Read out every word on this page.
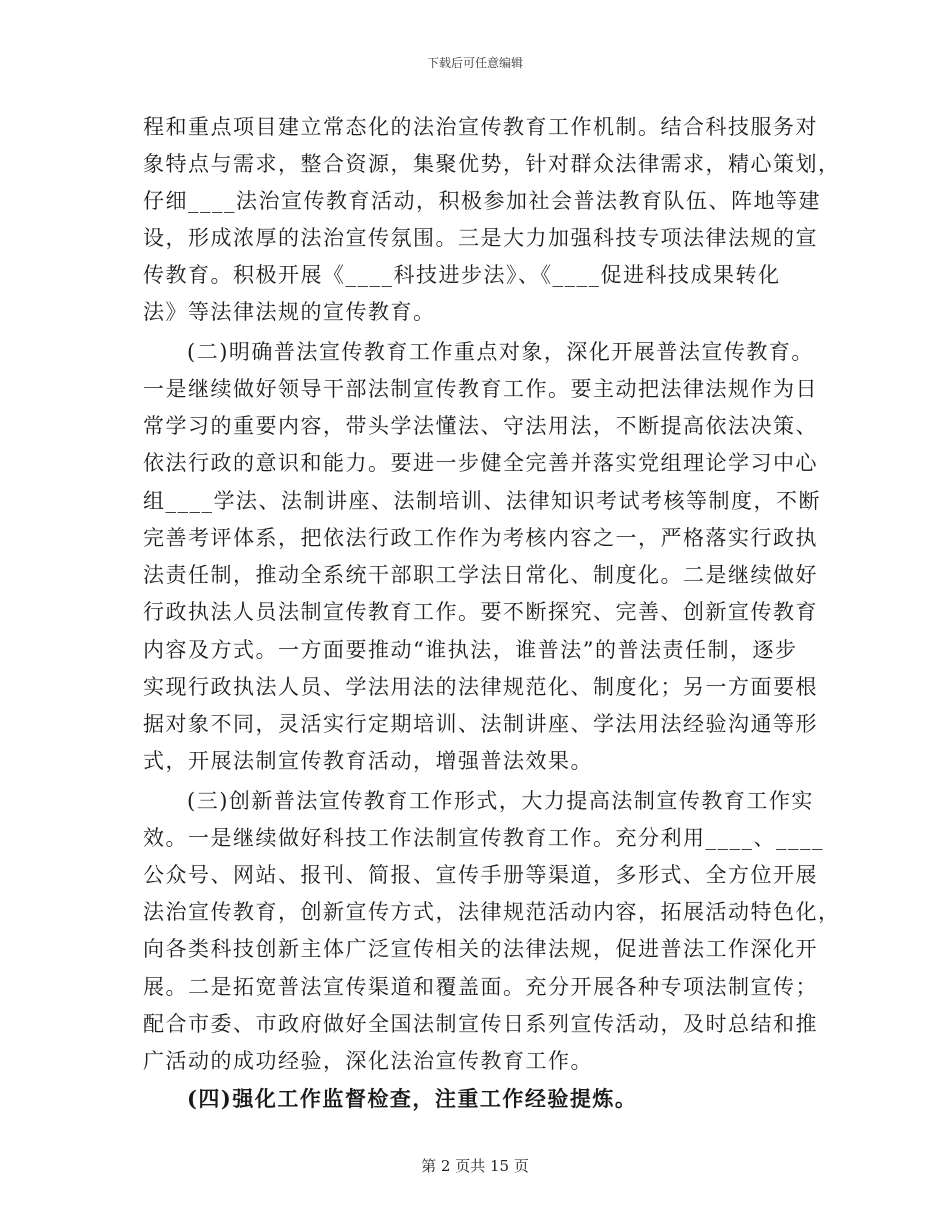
下载后可任意编辑
程和重点项目建立常态化的法治宣传教育工作机制。结合科技服务对
象特点与需求，整合资源，集聚优势，针对群众法律需求，精心策划，
仔细____法治宣传教育活动，积极参加社会普法教育队伍、阵地等建
设，形成浓厚的法治宣传氛围。三是大力加强科技专项法律法规的宣
传教育。积极开展《____科技进步法》、《____促进科技成果转化
法》等法律法规的宣传教育。
(二)明确普法宣传教育工作重点对象，深化开展普法宣传教育。
一是继续做好领导干部法制宣传教育工作。要主动把法律法规作为日
常学习的重要内容，带头学法懂法、守法用法，不断提高依法决策、
依法行政的意识和能力。要进一步健全完善并落实党组理论学习中心
组____学法、法制讲座、法制培训、法律知识考试考核等制度，不断
完善考评体系，把依法行政工作作为考核内容之一，严格落实行政执
法责任制，推动全系统干部职工学法日常化、制度化。二是继续做好
行政执法人员法制宣传教育工作。要不断探究、完善、创新宣传教育
内容及方式。一方面要推动“谁执法，谁普法”的普法责任制，逐步
实现行政执法人员、学法用法的法律规范化、制度化；另一方面要根
据对象不同，灵活实行定期培训、法制讲座、学法用法经验沟通等形
式，开展法制宣传教育活动，增强普法效果。
(三)创新普法宣传教育工作形式，大力提高法制宣传教育工作实
效。一是继续做好科技工作法制宣传教育工作。充分利用____、____
公众号、网站、报刊、简报、宣传手册等渠道，多形式、全方位开展
法治宣传教育，创新宣传方式，法律规范活动内容，拓展活动特色化，
向各类科技创新主体广泛宣传相关的法律法规，促进普法工作深化开
展。二是拓宽普法宣传渠道和覆盖面。充分开展各种专项法制宣传；
配合市委、市政府做好全国法制宣传日系列宣传活动，及时总结和推
广活动的成功经验，深化法治宣传教育工作。
(四)强化工作监督检查，注重工作经验提炼。
第 2 页共 15 页
